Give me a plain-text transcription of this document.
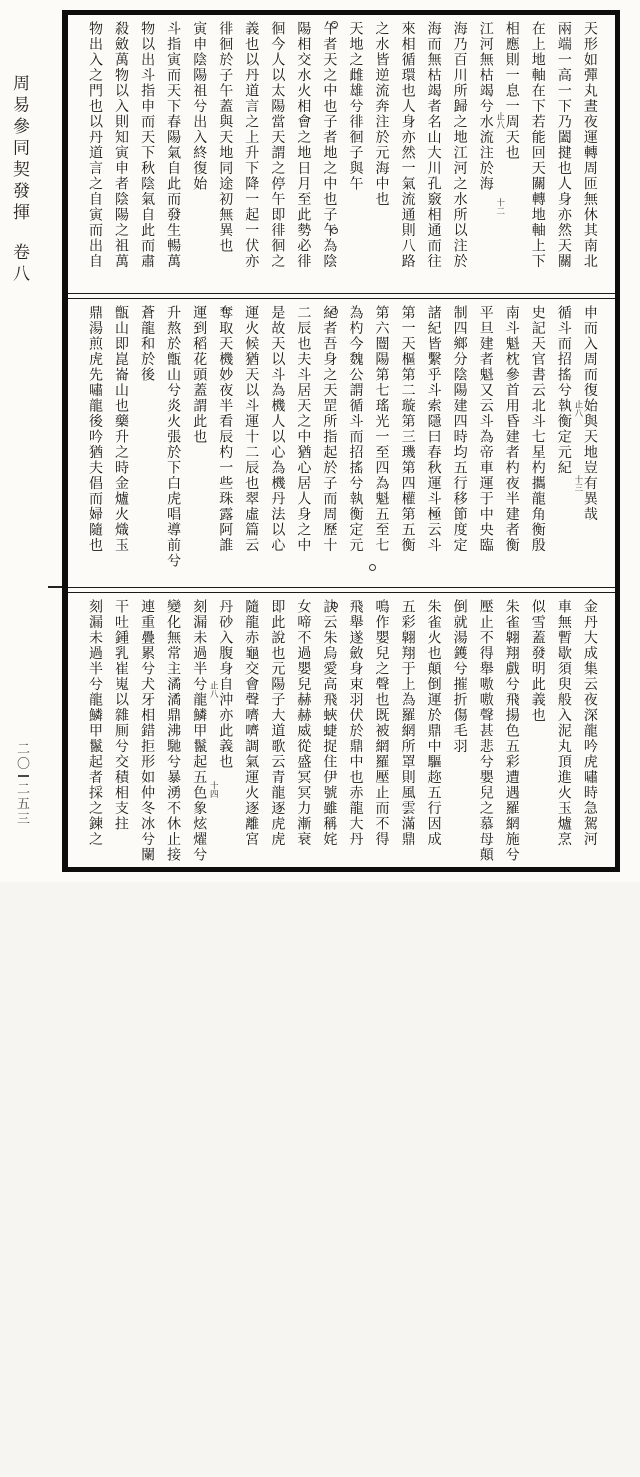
周易參同契發揮卷八
二
〇
二
五
三
天形如彈丸晝夜運轉周匝無休其南北
兩端一高一下乃闔揵也人身亦然天關
在上地軸在下若能回天關轉地軸上下
相應則一息一周天也
江河無枯竭兮水流注於海 止八
十二
海乃百川所歸之地江河之水所以注於
海而無枯竭者名山大川孔竅相通而往
來相循環也人身亦然一氣流通則八路
之水皆逆流奔注於元海中也
天地之雌雄兮徘徊子與午
午者天之中也子者地之中也子午為陰
陽相交水火相會之地日月至此勢必徘
徊今人以太陽當天謂之停午即徘徊之
義也以丹道言之上升下降一起一伏亦
徘徊於子午蓋與天地同途初無異也
寅申陰陽祖兮出入終復始
斗指寅而天下春陽氣自此而發生暢萬
物以出斗指申而天下秋陰氣自此而肅
殺斂萬物以入則知寅申者陰陽之祖萬
物出入之門也以丹道言之自寅而出自
申而入周而復始與天地豈有異哉
循斗而招搖兮執衡定元紀 止八
十三
史記天官書云北斗七星杓攜龍角衡殷
南斗魁枕參首用昏建者杓夜半建者衡
平旦建者魁又云斗為帝車運于中央臨
制四鄉分陰陽建四時均五行移節度定
諸紀皆繫乎斗索隱曰春秋運斗極云斗
第一天樞第二璇第三璣第四權第五衡
第六闓陽第七瑤光一至四為魁五至七
為杓今魏公謂循斗而招搖兮執衡定元
紀者吾身之天罡所指起於子而周歷十
二辰也夫斗居天之中猶心居人身之中
是故天以斗為機人以心為機丹法以心
運火候猶天以斗運十二辰也翠虛篇云
奪取天機妙夜半看辰杓一些珠露阿誰
運到稻花頭蓋謂此也
升熬於甑山兮炎火張於下白虎唱導前兮
蒼龍和於後
甑山即崑崙山也藥升之時金爐火熾玉
鼎湯煎虎先嘯龍後吟猶夫倡而婦隨也
金丹大成集云夜深龍吟虎嘯時急駕河
車無暫歇須臾般入泥丸頂進火玉爐烹
似雪蓋發明此義也
朱雀翺翔戲兮飛揚色五彩遭遇羅網施兮
壓止不得舉嗷嗷聲甚悲兮嬰兒之慕母顛
倒就湯鑊兮摧折傷毛羽
朱雀火也顛倒運於鼎中驅趂五行因成
五彩翺翔于上為羅網所罩則風雲滿鼎
鳴作嬰兒之聲也既被網羅壓止而不得
飛舉遂斂身束羽伏於鼎中也赤龍大丹
訣云朱烏愛高飛蛺蜨捉住伊號雖稱姹
女啼不過嬰兒赫赫威從盛冥冥力漸衰
即此說也元陽子大道歌云青龍逐虎虎
隨龍赤龜交會聲嚌嚌調氣運火逐離宮
丹砂入腹身自沖亦此義也
刻漏未過半兮龍鱗甲鬣起五色象炫燿兮 止八
十四
變化無常主潏潏鼎沸馳兮暴湧不休止接
連重疊累兮犬牙相錯拒形如仲冬冰兮闌
干吐鍾乳崔嵬以雜厠兮交積相支拄
刻漏未過半兮龍鱗甲鬣起者採之鍊之
